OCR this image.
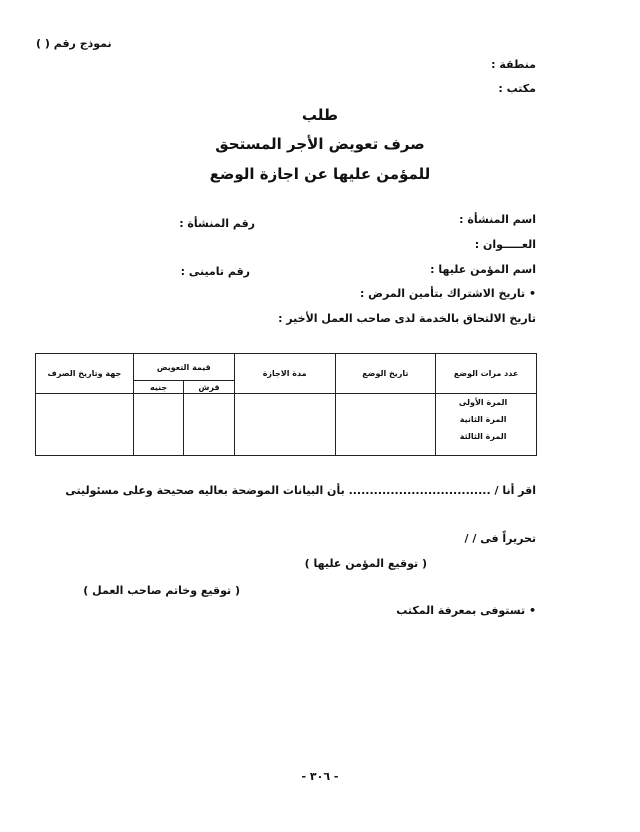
نموذج رقم ( )
منطقة :
مكتب :
طلب
صرف تعويض الأجر المستحق
للمؤمن عليها عن اجازة الوضع
اسم المنشأة :
رقم المنشأة :
العـــــوان :
اسم المؤمن عليها :
رقم تامينى :
• تاريخ الاشتراك بتأمين المرض :
تاريخ الالتحاق بالخدمة لدى صاحب العمل الأخير :
عدد مرات الوضع	تاريخ الوضع	مدة الاجازة	قيمة التعويض		جهة وتاريخ الصرف
			قرش	جنيه	

المرة الأولى
المرة الثانية
المرة الثالثة					

اقر أنا / .................................. بأن البيانات الموضحة بعاليه صحيحة وعلى مسئوليتى
تحريراً فى / /
( توقيع المؤمن عليها )
( توقيع وخاتم صاحب العمل )
• تستوفى بمعرفة المكتب
- ٣٠٦ -
